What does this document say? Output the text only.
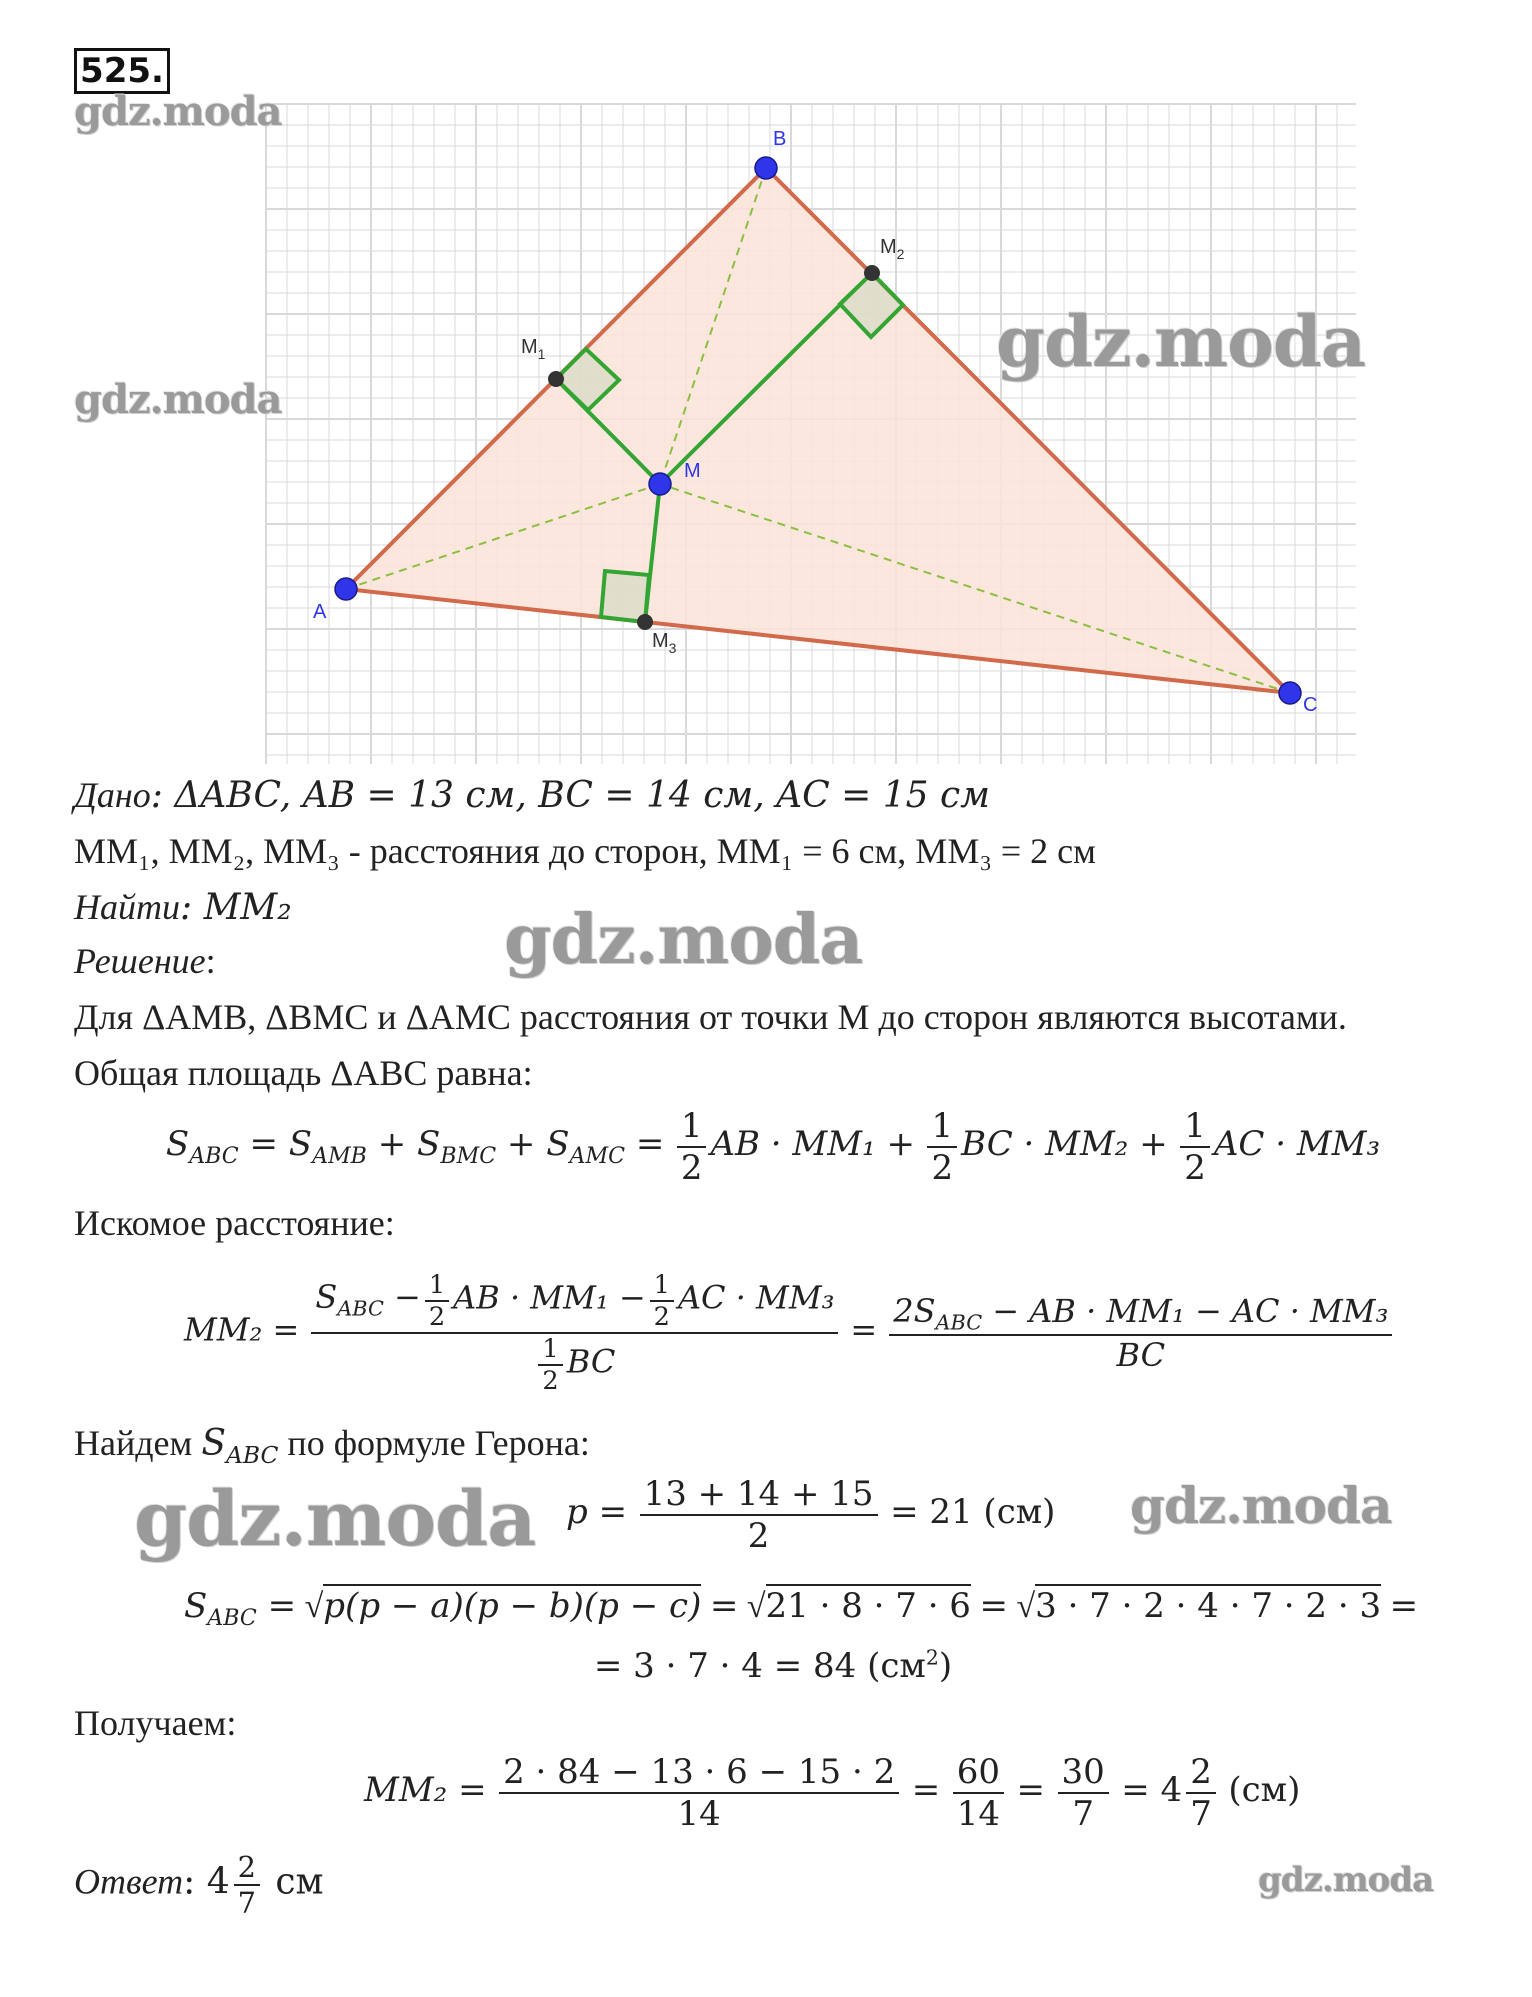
525.
A
B
C
M
$M_1$
$M_2$
$M_3$
gdz.moda
gdz.moda
gdz.moda
gdz.moda
gdz.moda	gdz.moda
gdz.moda
Дано: ΔABC, AB = 13 см, BC = 14 см, AC = 15 см
MM₁, MM₂, MM₃ - расстояния до сторон, MM₁ = 6 см, MM₃ = 2 см
Найти: MM₂
Решение:
Для ΔAMB, ΔBMC и ΔAMC расстояния от точки M до сторон являются высотами.
Общая площадь ΔABC равна:
$S_{ABC} = S_{AMB} + S_{BMC} + S_{AMC} = \frac{1}{2}$ AB · $MM_1 + \frac{1}{2}$ BC · $MM_2 + \frac{1}{2}$ AC · MM₃
Искомое расстояние:
$MM_2 = \frac{S_{ABC} - \frac{1}{2} AB \cdot MM_1 - \frac{1}{2} AC \cdot MM_3}{\frac{1}{2} BC} = \frac{2S_{ABC} - AB \cdot MM_1 - AC \cdot MM_3}{BC}$
Найдем $S_{ABC}$ по формуле Герона:
$p = \frac{13 + 14 + 15}{2} = 21$ (см)
$S_{ABC} = √p(p - a)(p - b)(p - c) = √21 \cdot 8 \cdot 7 \cdot 6 = √3 \cdot 7 \cdot 2 \cdot 4 \cdot 7 \cdot 2 \cdot 3$ =
= 3 · 7 · 4 = 84 $(см^2)$
Получаем:
$MM_2 = \frac{2 \cdot 84 - 13 \cdot 6 - 15 \cdot 2}{14} = \frac{60}{14} = \frac{30}{7} = 4 \frac{2}{7} (см)$
Ответ: $4 \frac{2}{7}$ см
